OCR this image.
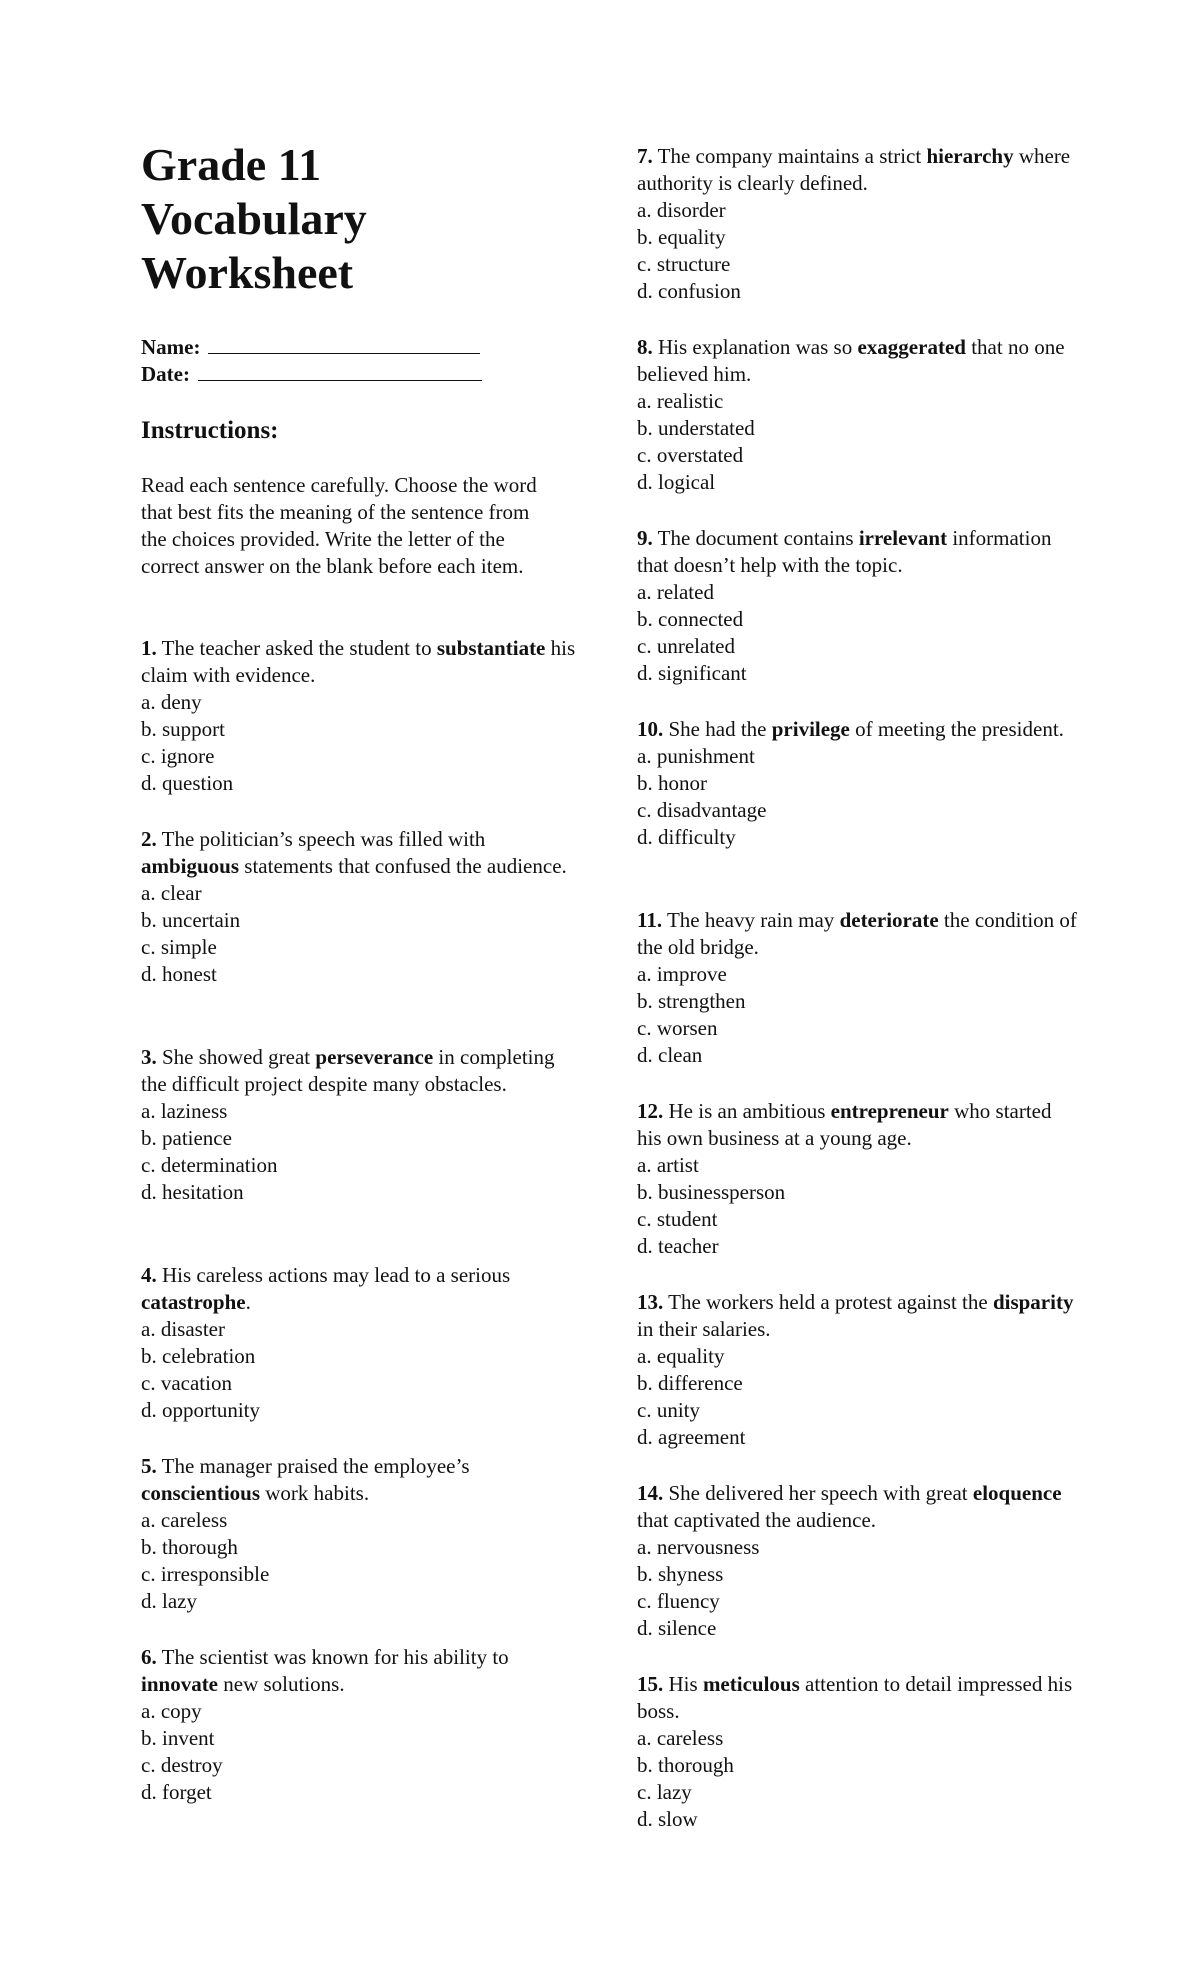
Grade 11
Vocabulary
Worksheet
Name:
Date:
Instructions:

Read each sentence carefully. Choose the word that best fits the meaning of the sentence from the choices provided. Write the letter of the correct answer on the blank before each item.

1. The teacher asked the student to substantiate his claim with evidence.

a. deny
b. support
c. ignore
d. question

2. The politician’s speech was filled with ambiguous statements that confused the audience.

a. clear
b. uncertain
c. simple
d. honest

3. She showed great perseverance in completing the difficult project despite many obstacles.

a. laziness
b. patience
c. determination
d. hesitation

4. His careless actions may lead to a serious catastrophe.

a. disaster
b. celebration
c. vacation
d. opportunity

5. The manager praised the employee’s conscientious work habits.

a. careless
b. thorough
c. irresponsible
d. lazy

6. The scientist was known for his ability to innovate new solutions.

a. copy
b. invent
c. destroy
d. forget

7. The company maintains a strict hierarchy where authority is clearly defined.

a. disorder
b. equality
c. structure
d. confusion

8. His explanation was so exaggerated that no one believed him.

a. realistic
b. understated
c. overstated
d. logical

9. The document contains irrelevant information that doesn’t help with the topic.

a. related
b. connected
c. unrelated
d. significant

10. She had the privilege of meeting the president.

a. punishment
b. honor
c. disadvantage
d. difficulty

11. The heavy rain may deteriorate the condition of the old bridge.

a. improve
b. strengthen
c. worsen
d. clean

12. He is an ambitious entrepreneur who started his own business at a young age.

a. artist
b. businessperson
c. student
d. teacher

13. The workers held a protest against the disparity in their salaries.

a. equality
b. difference
c. unity
d. agreement

14. She delivered her speech with great eloquence that captivated the audience.

a. nervousness
b. shyness
c. fluency
d. silence

15. His meticulous attention to detail impressed his boss.

a. careless
b. thorough
c. lazy
d. slow
